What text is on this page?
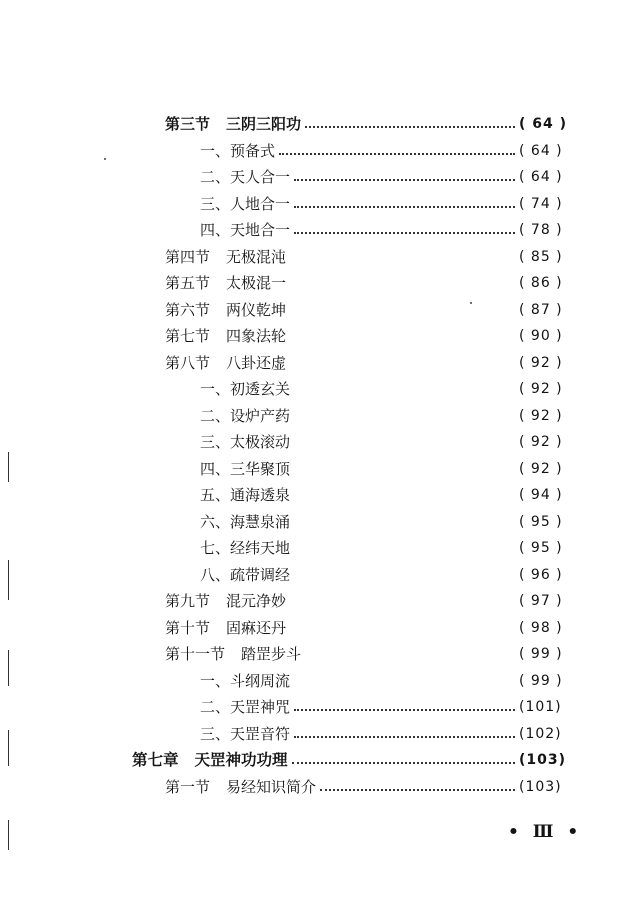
第三节 三阴三阳功	( 64 )
一、预备式	( 64 )
二、天人合一	( 64 )
三、人地合一	( 74 )
四、天地合一	( 78 )
第四节 无极混沌	( 85 )
第五节 太极混一	( 86 )
第六节 两仪乾坤	( 87 )
第七节 四象法轮	( 90 )
第八节 八卦还虚	( 92 )
一、初透玄关	( 92 )
二、设炉产药	( 92 )
三、太极滚动	( 92 )
四、三华聚顶	( 92 )
五、通海透泉	( 94 )
六、海慧泉涌	( 95 )
七、经纬天地	( 95 )
八、疏带调经	( 96 )
第九节 混元净妙	( 97 )
第十节 固痳还丹	( 98 )
第十一节 踏罡步斗	( 99 )
一、斗纲周流	( 99 )
二、天罡神咒	(101)
三、天罡音符	(102)
第七章 天罡神功功理	(103)
第一节 易经知识简介	(103)
• Ⅲ •
